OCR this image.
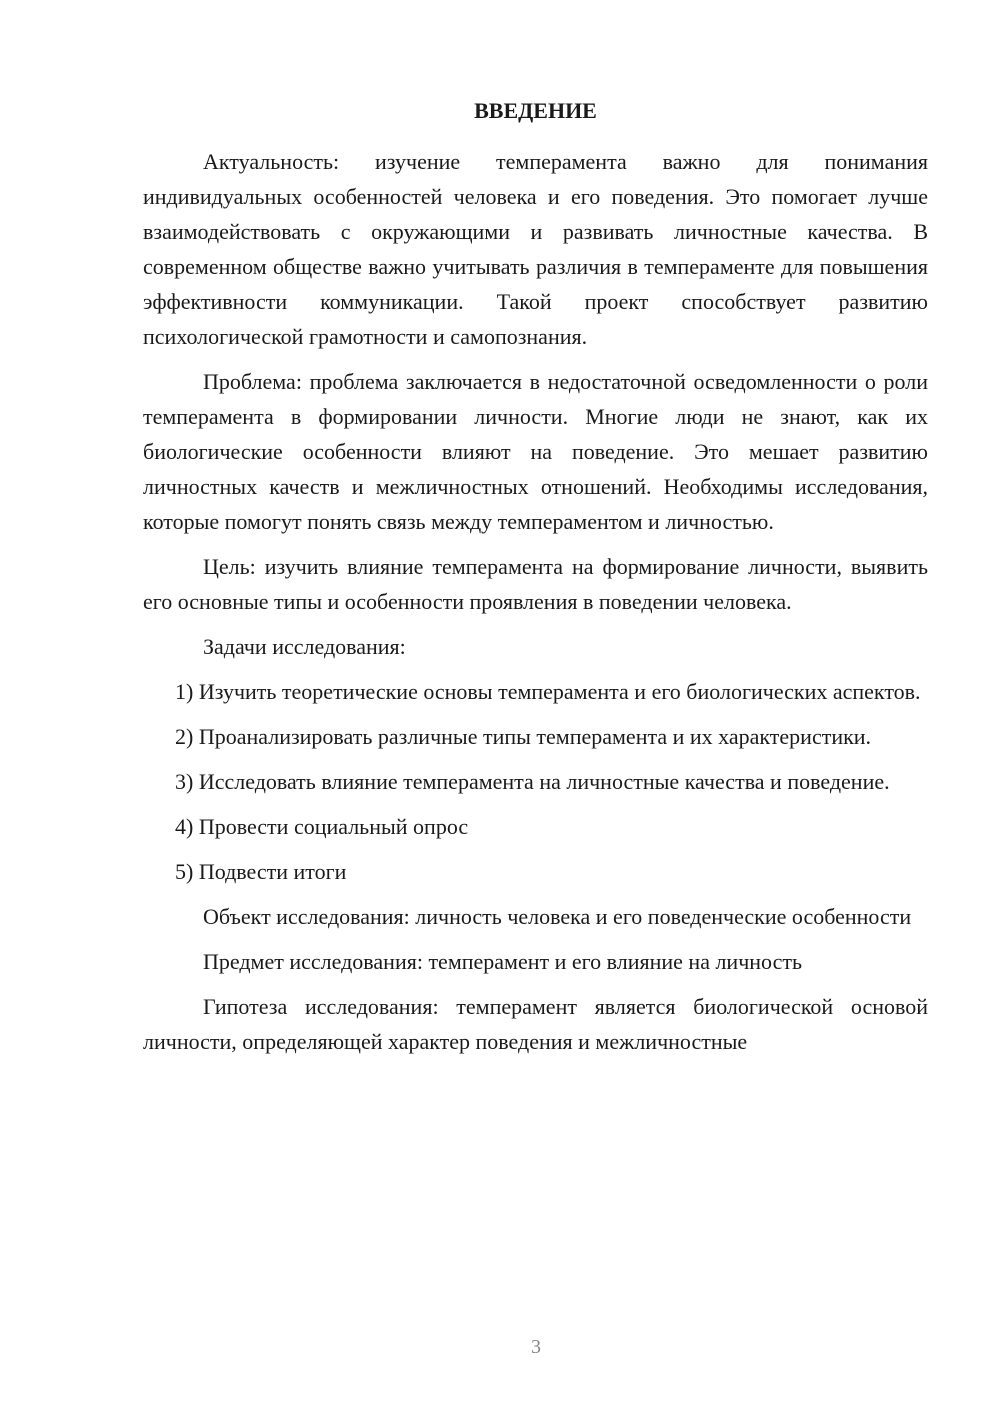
ВВЕДЕНИЕ

Актуальность: изучение темперамента важно для понимания индивидуальных особенностей человека и его поведения. Это помогает лучше взаимодействовать с окружающими и развивать личностные качества. В современном обществе важно учитывать различия в темпераменте для повышения эффективности коммуникации. Такой проект способствует развитию психологической грамотности и самопознания.

Проблема: проблема заключается в недостаточной осведомленности о роли темперамента в формировании личности. Многие люди не знают, как их биологические особенности влияют на поведение. Это мешает развитию личностных качеств и межличностных отношений. Необходимы исследования, которые помогут понять связь между темпераментом и личностью.

Цель: изучить влияние темперамента на формирование личности, выявить его основные типы и особенности проявления в поведении человека.

Задачи исследования:

1) Изучить теоретические основы темперамента и его биологических аспектов.

2) Проанализировать различные типы темперамента и их характеристики.

3) Исследовать влияние темперамента на личностные качества и поведение.

4) Провести социальный опрос

5) Подвести итоги

Объект исследования: личность человека и его поведенческие особенности

Предмет исследования: темперамент и его влияние на личность

Гипотеза исследования: темперамент является биологической основой личности, определяющей характер поведения и межличностные

3
